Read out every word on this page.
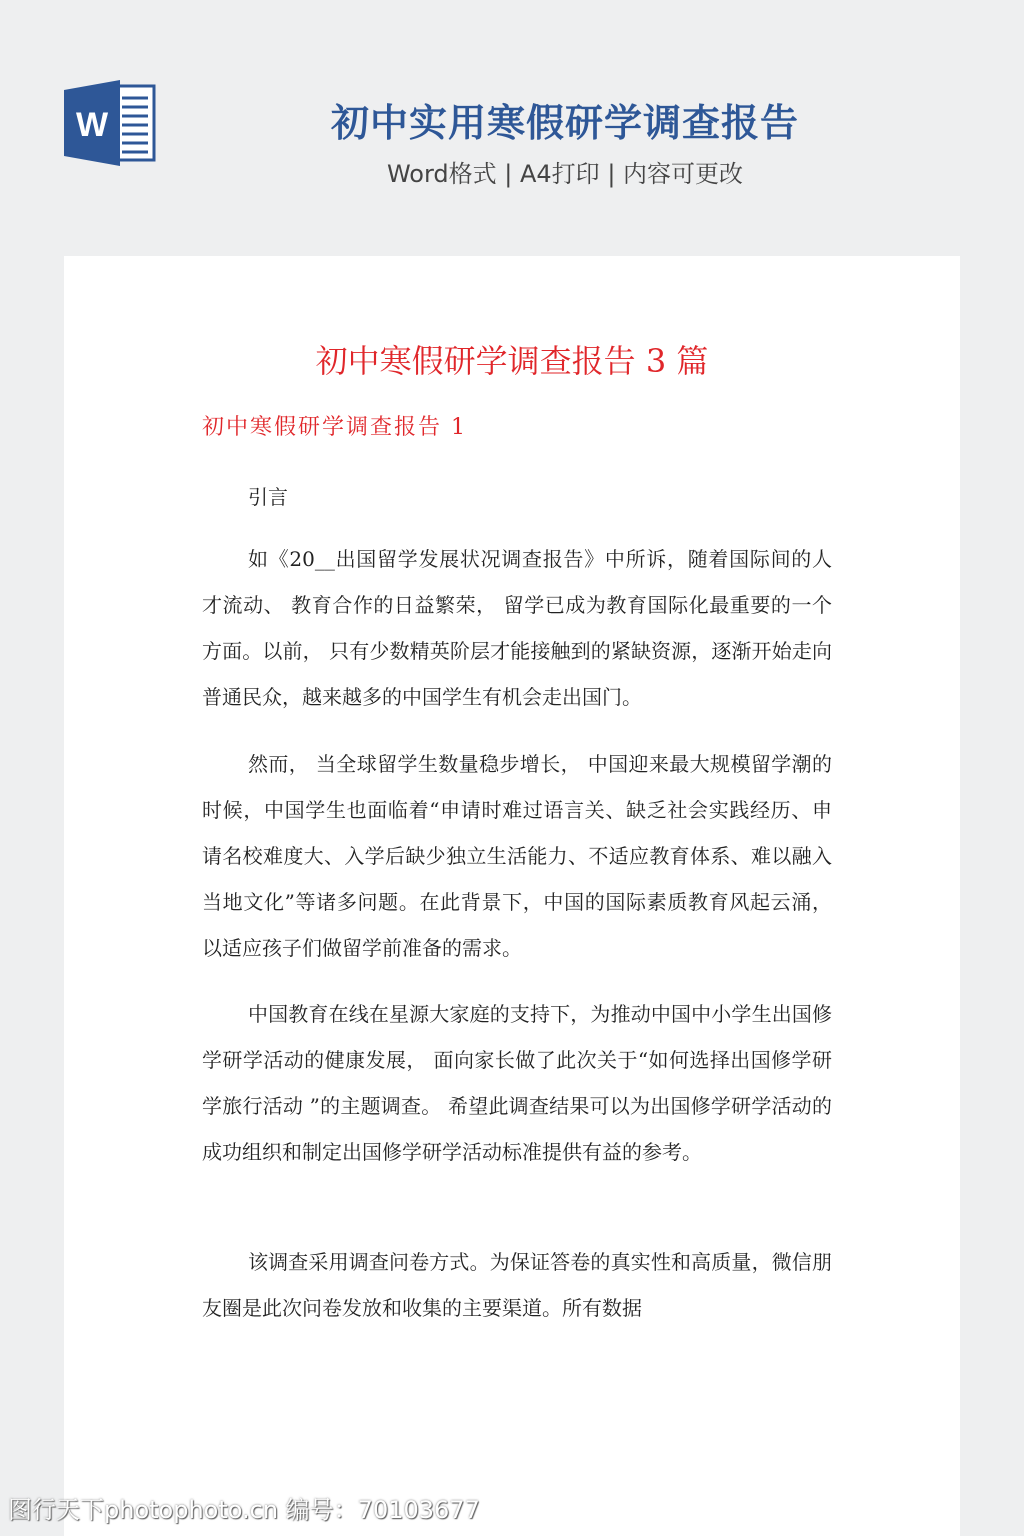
W	初中实用寒假研学调查报告
Word格式 | A4打印 | 内容可更改
初中寒假研学调查报告 3 篇
初中寒假研学调查报告 1
引言

如《20__出国留学发展状况调查报告》中所诉，随着国际间的人才流动、 教育合作的日益繁荣， 留学已成为教育国际化最重要的一个方面。以前， 只有少数精英阶层才能接触到的紧缺资源，逐渐开始走向普通民众，越来越多的中国学生有机会走出国门。

然而， 当全球留学生数量稳步增长， 中国迎来最大规模留学潮的时候，中国学生也面临着“申请时难过语言关、缺乏社会实践经历、申请名校难度大、入学后缺少独立生活能力、不适应教育体系、难以融入当地文化”等诸多问题。在此背景下，中国的国际素质教育风起云涌，以适应孩子们做留学前准备的需求。

中国教育在线在星源大家庭的支持下，为推动中国中小学生出国修学研学活动的健康发展， 面向家长做了此次关于“如何选择出国修学研学旅行活动 ”的主题调查。 希望此调查结果可以为出国修学研学活动的成功组织和制定出国修学研学活动标准提供有益的参考。

该调查采用调查问卷方式。为保证答卷的真实性和高质量，微信朋友圈是此次问卷发放和收集的主要渠道。所有数据

图行天下photophoto.cn 编号：70103677
